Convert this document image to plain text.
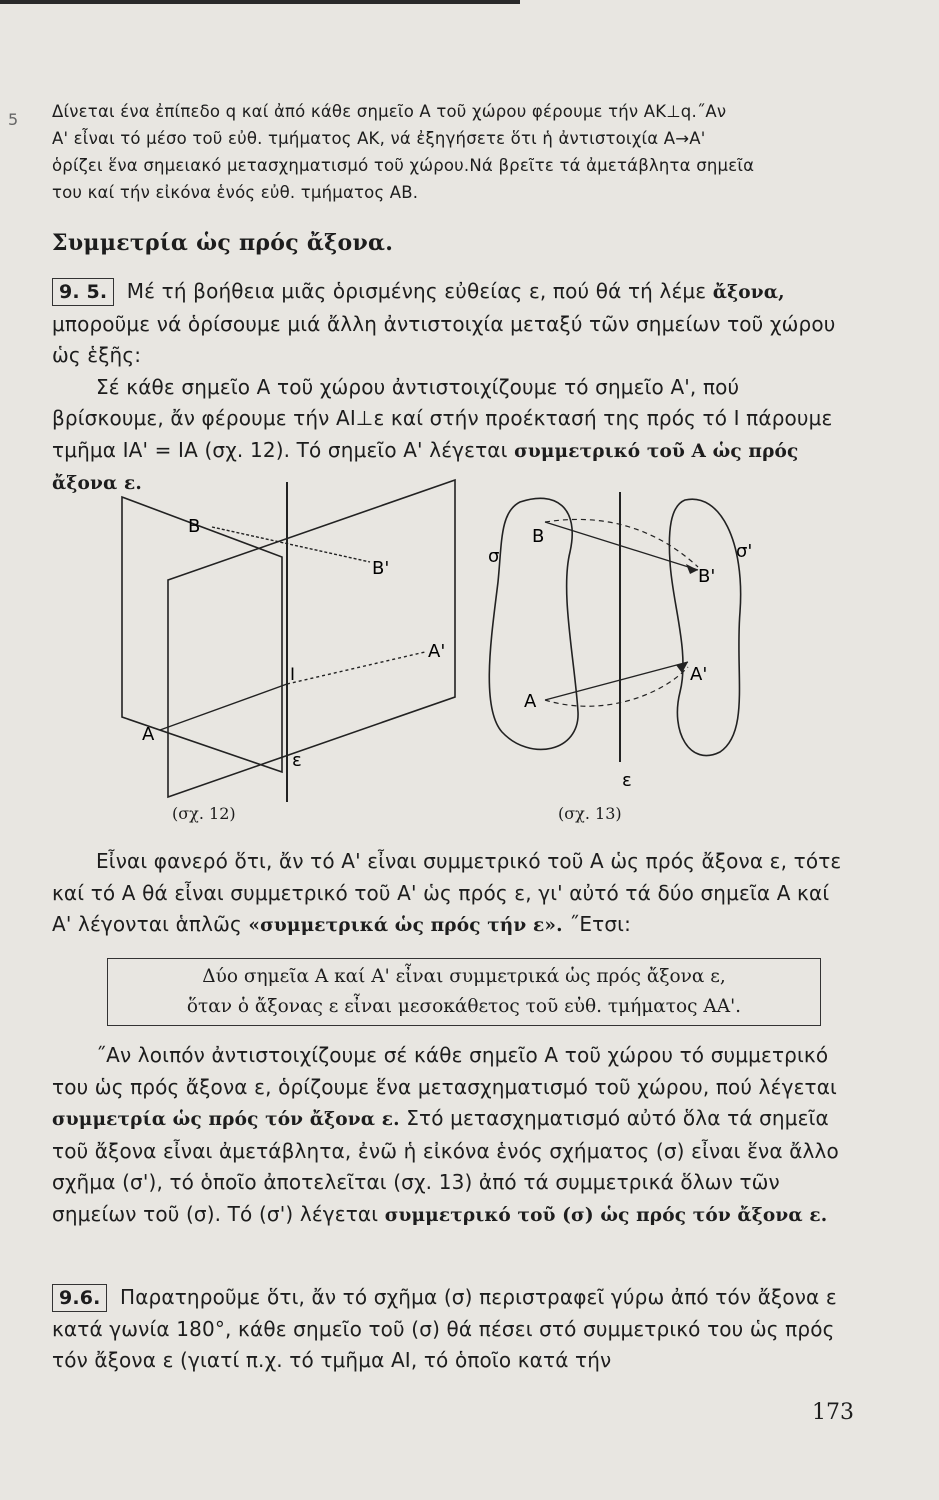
5 Δίνεται ένα ἐπίπεδο q καί ἀπό κάθε σημεῖο Α τοῦ χώρου φέρουμε τήν ΑΚ⊥q.˝Αν
Α' εἶναι τό μέσο τοῦ εὐθ. τμήματος ΑΚ, νά ἐξηγήσετε ὅτι ἡ ἀντιστοιχία Α→Α'
ὁρίζει ἕνα σημειακό μετασχηματισμό τοῦ χώρου.Νά βρεῖτε τά ἀμετάβλητα σημεῖα
του καί τήν εἰκόνα ἑνός εὐθ. τμήματος ΑΒ.
Συμμετρία ὡς πρός ἄξονα.

9. 5. Μέ τή βοήθεια μιᾶς ὁρισμένης εὐθείας ε, πού θά τή λέμε ἄξονα, μποροῦμε νά ὁρίσουμε μιά ἄλλη ἀντιστοιχία μεταξύ τῶν σημείων τοῦ χώρου ὡς ἑξῆς:

Σέ κάθε σημεῖο Α τοῦ χώρου ἀντιστοιχίζουμε τό σημεῖο Α', πού βρίσκουμε, ἄν φέρουμε τήν ΑΙ⊥ε καί στήν προέκτασή της πρός τό Ι πάρουμε τμῆμα ΙΑ' = ΙΑ (σχ. 12). Τό σημεῖο Α' λέγεται συμμετρικό τοῦ Α ὡς πρός ἄξονα ε.

B
B'
A'
I
A
ε
σ
B
B'
σ'
A'
A
ε
(σχ. 12)	(σχ. 13)

Εἶναι φανερό ὅτι, ἄν τό Α' εἶναι συμμετρικό τοῦ Α ὡς πρός ἄξονα ε, τότε καί τό Α θά εἶναι συμμετρικό τοῦ Α' ὡς πρός ε, γι' αὐτό τά δύο σημεῖα Α καί Α' λέγονται ἁπλῶς «συμμετρικά ὡς πρός τήν ε». ˝Ετσι:

Δύο σημεῖα Α καί Α' εἶναι συμμετρικά ὡς πρός ἄξονα ε,
ὅταν ὁ ἄξονας ε εἶναι μεσοκάθετος τοῦ εὐθ. τμήματος ΑΑ'.

˝Αν λοιπόν ἀντιστοιχίζουμε σέ κάθε σημεῖο Α τοῦ χώρου τό συμμετρικό του ὡς πρός ἄξονα ε, ὁρίζουμε ἕνα μετασχηματισμό τοῦ χώρου, πού λέγεται συμμετρία ὡς πρός τόν ἄξονα ε. Στό μετασχηματισμό αὐτό ὅλα τά σημεῖα τοῦ ἄξονα εἶναι ἀμετάβλητα, ἐνῶ ἡ εἰκόνα ἑνός σχήματος (σ) εἶναι ἕνα ἄλλο σχῆμα (σ'), τό ὁποῖο ἀποτελεῖται (σχ. 13) ἀπό τά συμμετρικά ὅλων τῶν σημείων τοῦ (σ). Τό (σ') λέγεται συμμετρικό τοῦ (σ) ὡς πρός τόν ἄξονα ε.

9.6. Παρατηροῦμε ὅτι, ἄν τό σχῆμα (σ) περιστραφεῖ γύρω ἀπό τόν ἄξονα ε κατά γωνία 180°, κάθε σημεῖο τοῦ (σ) θά πέσει στό συμμετρικό του ὡς πρός τόν ἄξονα ε (γιατί π.χ. τό τμῆμα ΑΙ, τό ὁποῖο κατά τήν

173
